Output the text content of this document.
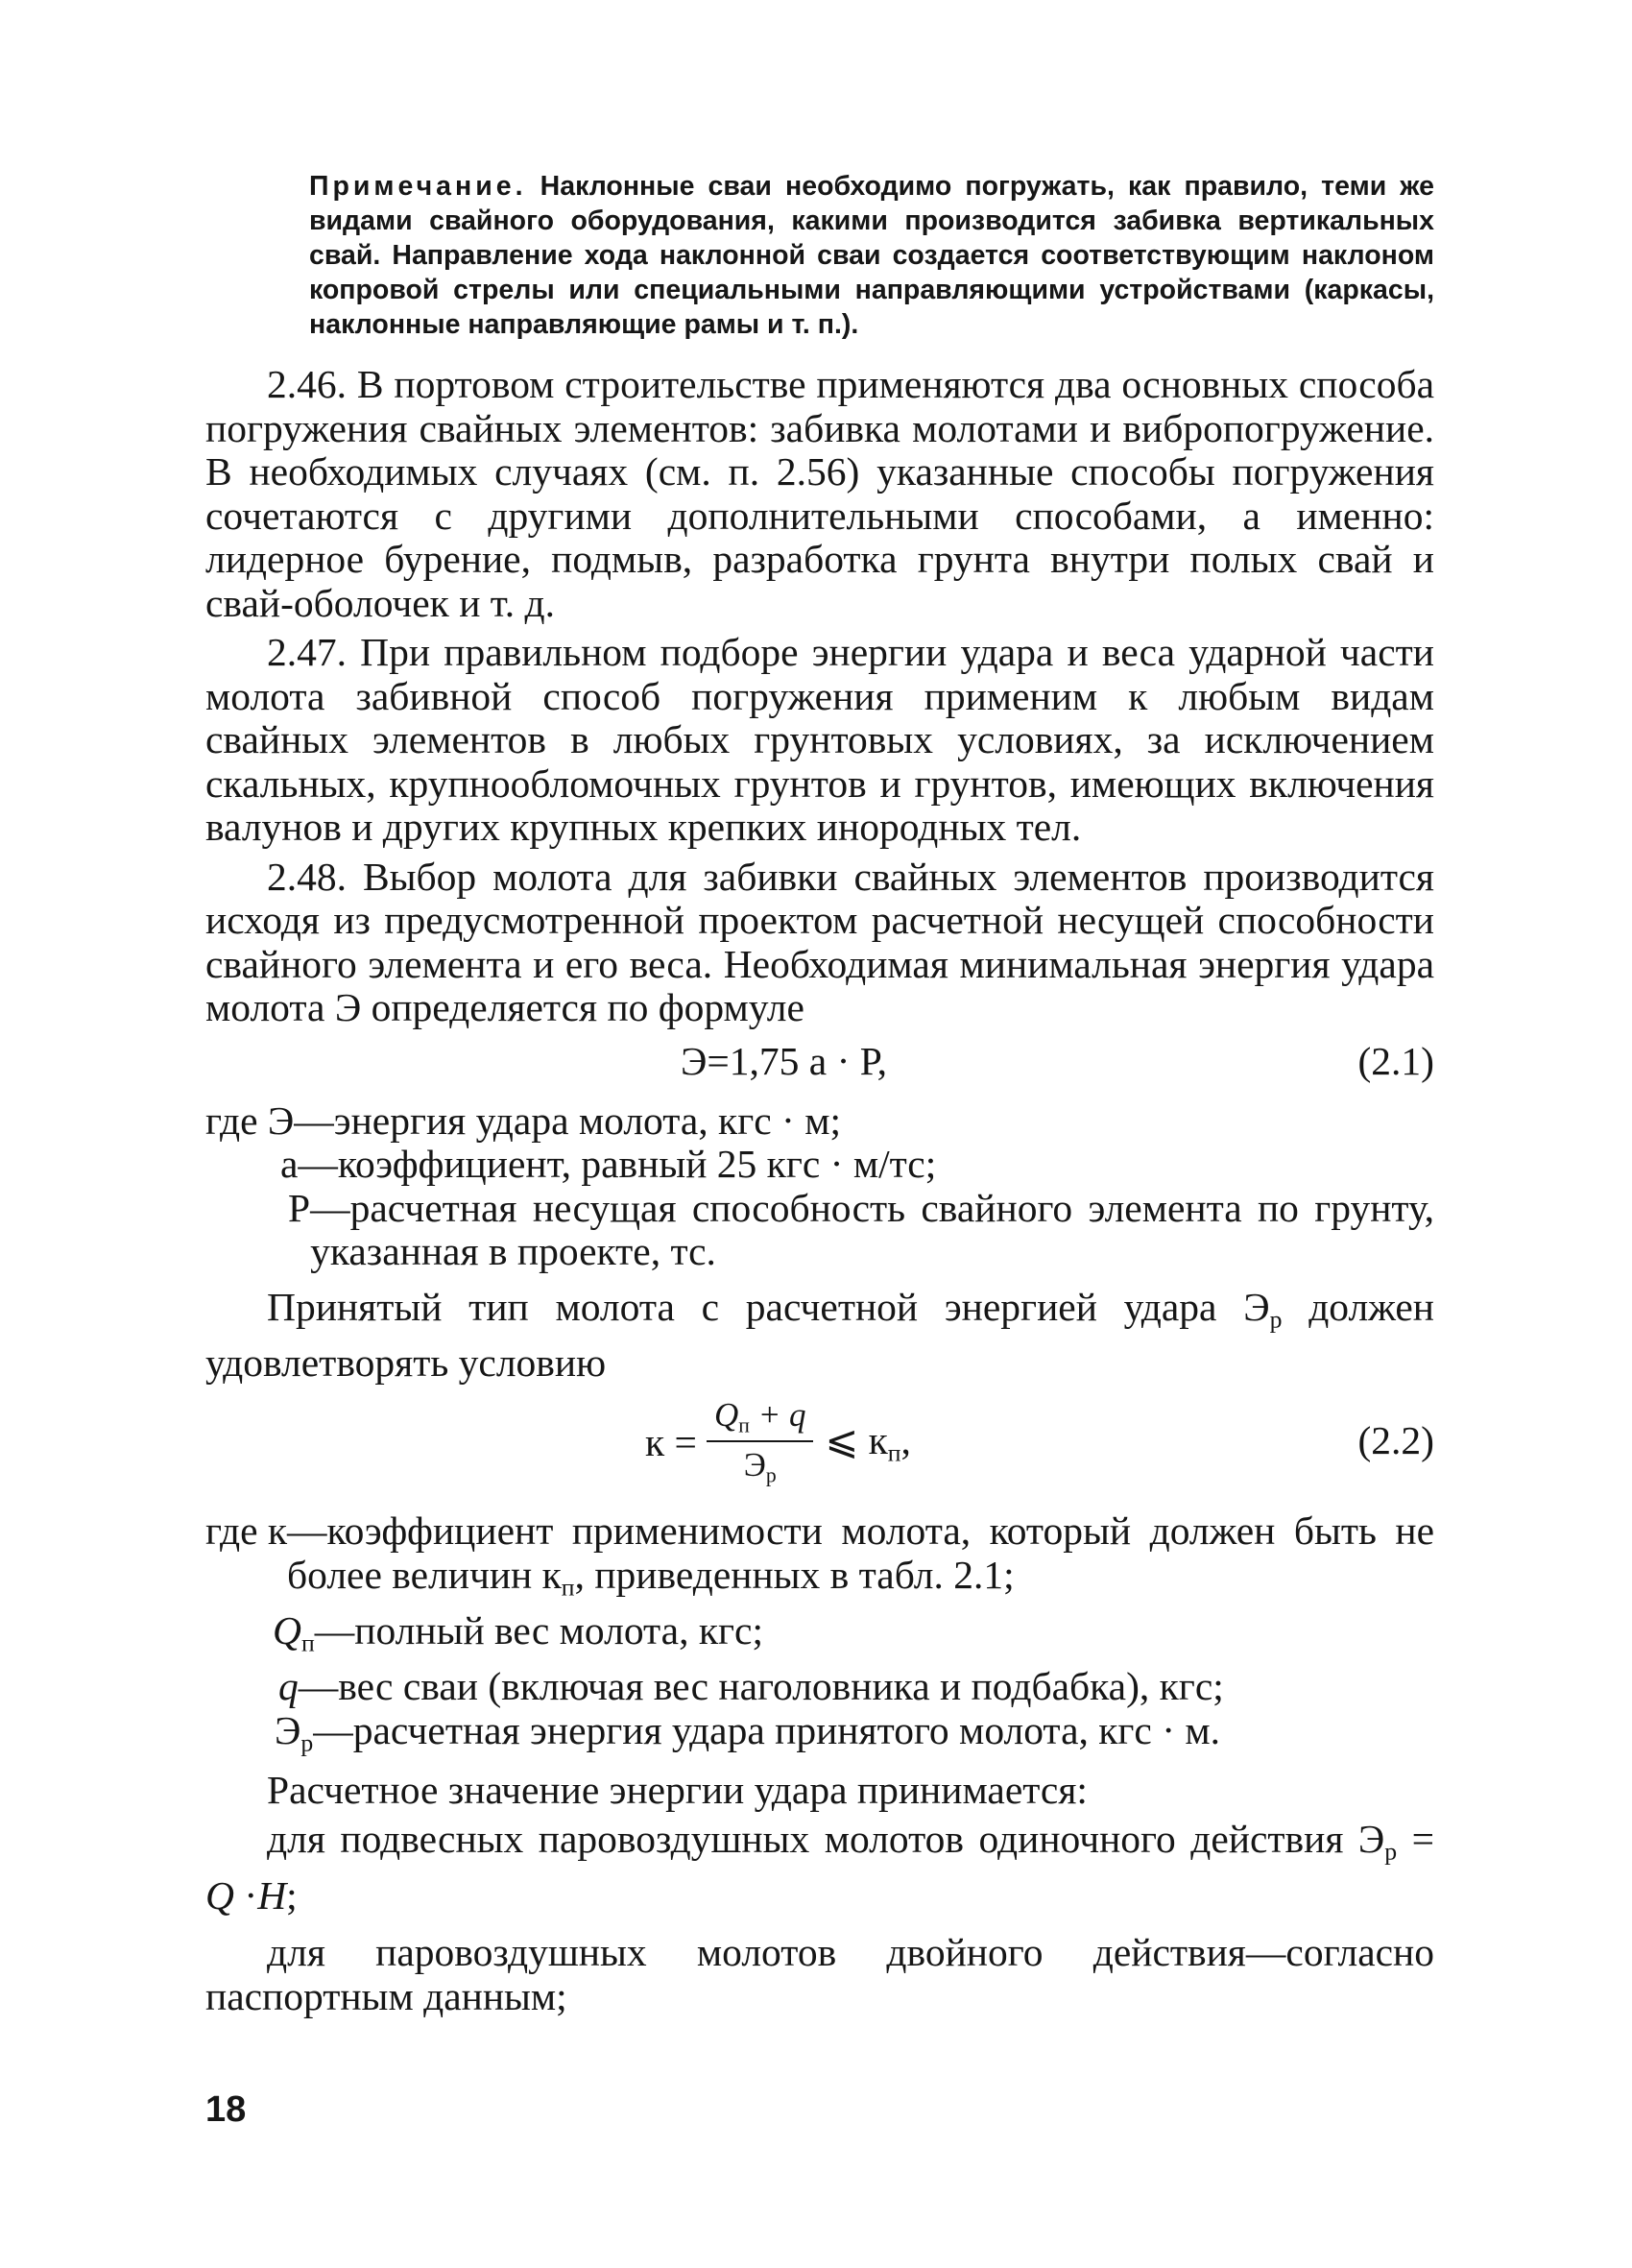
Примечание. Наклонные сваи необходимо погружать, как правило, теми же видами свайного оборудования, какими производится забивка вертикальных свай. Направление хода наклонной сваи создается соответствующим наклоном копровой стрелы или специальными направляющими устройствами (каркасы, наклонные направляющие рамы и т. п.).

2.46. В портовом строительстве применяются два основных способа погружения свайных элементов: забивка молотами и вибропогружение. В необходимых случаях (см. п. 2.56) указанные способы погружения сочетаются с другими дополнительными способами, а именно: лидерное бурение, подмыв, разработка грунта внутри полых свай и свай-оболочек и т. д.

2.47. При правильном подборе энергии удара и веса ударной части молота забивной способ погружения применим к любым видам свайных элементов в любых грунтовых условиях, за исключением скальных, крупнообломочных грунтов и грунтов, имеющих включения валунов и других крупных крепких инородных тел.

2.48. Выбор молота для забивки свайных элементов производится исходя из предусмотренной проектом расчетной несущей способности свайного элемента и его веса. Необходимая минимальная энергия удара молота Э определяется по формуле

Э=1,75 а · Р,	(2.1)
где Э —энергия удара молота, кгс · м;
а —коэффициент, равный 25 кгс · м/тс;
Р —расчетная несущая способность свайного элемента по грунту, указанная в проекте, тс.

Принятый тип молота с расчетной энергией удара $Э_р$ должен удовлетворять условию

к =
$Q_п + q$
$Э_р$
⩽ $к_п$,	(2.2)
где к —коэффициент применимости молота, который должен быть не более величин $к_п$, приведенных в табл. 2.1;
$Q_п—полный$ вес молота, кгс;
q—вес сваи (включая вес наголовника и подбабка), кгс;
$Э_р—расчетная$ энергия удара принятого молота, кгс · м.

Расчетное значение энергии удара принимается:

для подвесных паровоздушных молотов одиночного действия $Э_р = Q \cdot H$;

для паровоздушных молотов двойного действия—согласно паспортным данным;

18
